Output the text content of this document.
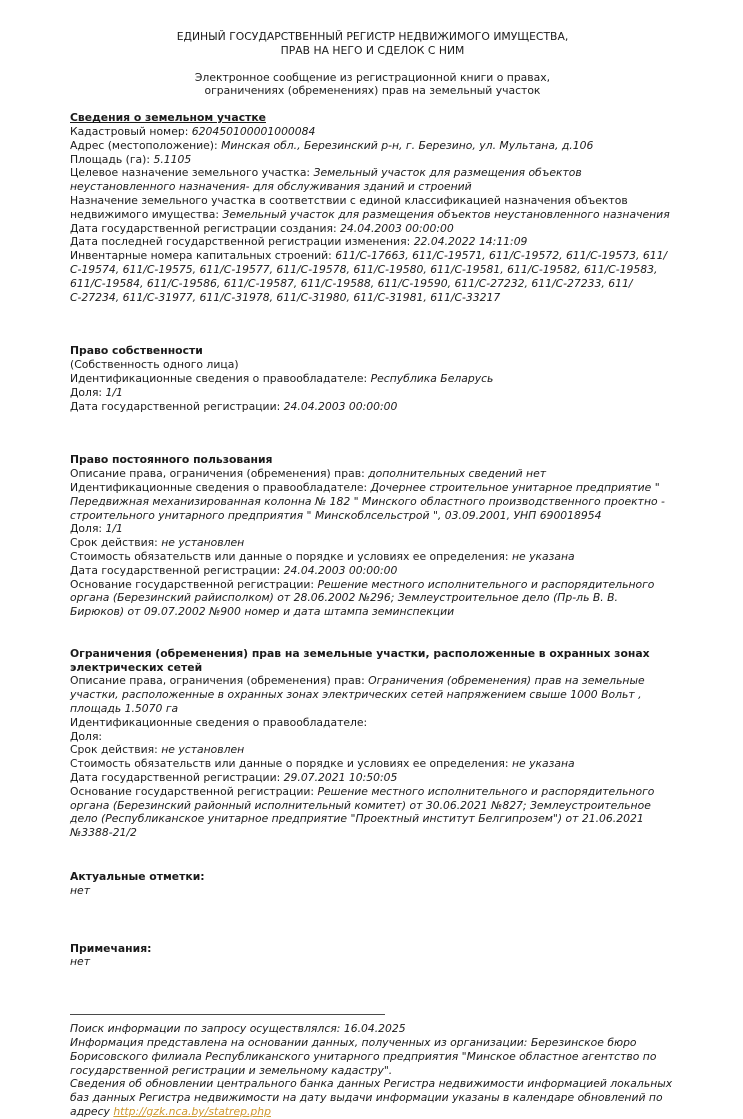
ЕДИНЫЙ ГОСУДАРСТВЕННЫЙ РЕГИСТР НЕДВИЖИМОГО ИМУЩЕСТВА,
ПРАВ НА НЕГО И СДЕЛОК С НИМ
Электронное сообщение из регистрационной книги о правах,
ограничениях (обременениях) прав на земельный участок
Сведения о земельном участке

Кадастровый номер: 620450100001000084

Адрес (местоположение): Минская обл., Березинский р-н, г. Березино, ул. Мультана, д.106

Площадь (га): 5.1105

Целевое назначение земельного участка: Земельный участок для размещения объектов неустановленного назначения- для обслуживания зданий и строений

Назначение земельного участка в соответствии с единой классификацией назначения объектов недвижимого имущества: Земельный участок для размещения объектов неустановленного назначения

Дата государственной регистрации создания: 24.04.2003 00:00:00

Дата последней государственной регистрации изменения: 22.04.2022 14:11:09

Инвентарные номера капитальных строений: 611/С-17663, 611/С-19571, 611/С-19572, 611/С-19573, 611/С-19574, 611/С-19575, 611/С-19577, 611/С-19578, 611/С-19580, 611/С-19581, 611/С-19582, 611/С-19583, 611/С-19584, 611/С-19586, 611/С-19587, 611/С-19588, 611/С-19590, 611/С-27232, 611/С-27233, 611/С-27234, 611/С-31977, 611/С-31978, 611/С-31980, 611/С-31981, 611/С-33217

Право собственности

(Собственность одного лица)

Идентификационные сведения о правообладателе: Республика Беларусь

Доля: 1/1

Дата государственной регистрации: 24.04.2003 00:00:00

Право постоянного пользования

Описание права, ограничения (обременения) прав: дополнительных сведений нет

Идентификационные сведения о правообладателе: Дочернее строительное унитарное предприятие " Передвижная механизированная колонна № 182 " Минского областного производственного проектно - строительного унитарного предприятия " Минскоблсельстрой ", 03.09.2001, УНП 690018954

Доля: 1/1

Срок действия: не установлен

Стоимость обязательств или данные о порядке и условиях ее определения: не указана

Дата государственной регистрации: 24.04.2003 00:00:00

Основание государственной регистрации: Решение местного исполнительного и распорядительного органа (Березинский райисполком) от 28.06.2002 №296; Землеустроительное дело (Пр-ль В. В. Бирюков) от 09.07.2002 №900 номер и дата штампа земинспекции

Ограничения (обременения) прав на земельные участки, расположенные в охранных зонах электрических сетей

Описание права, ограничения (обременения) прав: Ограничения (обременения) прав на земельные участки, расположенные в охранных зонах электрических сетей напряжением свыше 1000 Вольт , площадь 1.5070 га

Идентификационные сведения о правообладателе:

Доля:

Срок действия: не установлен

Стоимость обязательств или данные о порядке и условиях ее определения: не указана

Дата государственной регистрации: 29.07.2021 10:50:05

Основание государственной регистрации: Решение местного исполнительного и распорядительного органа (Березинский районный исполнительный комитет) от 30.06.2021 №827; Землеустроительное дело (Республиканское унитарное предприятие "Проектный институт Белгипрозем") от 21.06.2021 №3388-21/2

Актуальные отметки:

нет

Примечания:

нет

Поиск информации по запросу осуществлялся: 16.04.2025

Информация представлена на основании данных, полученных из организации: Березинское бюро Борисовского филиала Республиканского унитарного предприятия "Минское областное агентство по государственной регистрации и земельному кадастру".

Сведения об обновлении центрального банка данных Регистра недвижимости информацией локальных баз данных Регистра недвижимости на дату выдачи информации указаны в календаре обновлений по

адресу http://gzk.nca.by/statrep.php
